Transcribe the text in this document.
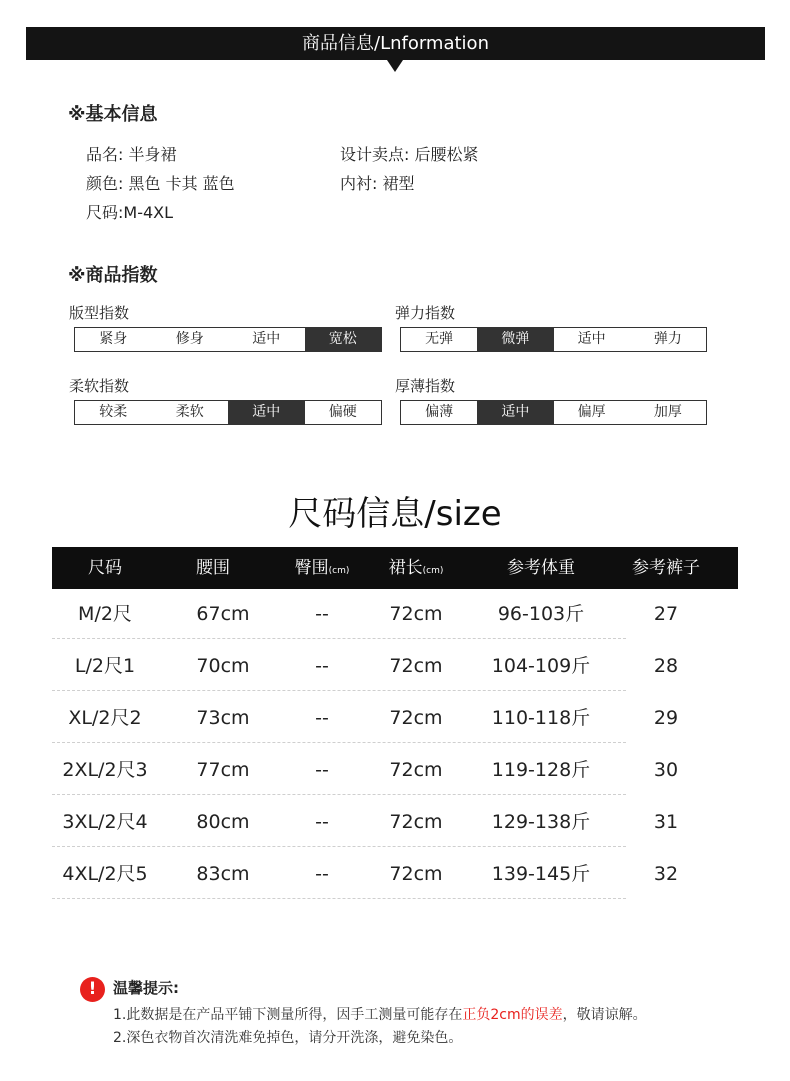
商品信息/Lnformation
※基本信息
品名: 半身裙	设计卖点: 后腰松紧
颜色: 黑色 卡其 蓝色	内衬: 裙型
尺码:M-4XL
※商品指数
版型指数
紧身	修身	适中	宽松
弹力指数
无弹	微弹	适中	弹力
柔软指数
较柔	柔软	适中	偏硬
厚薄指数
偏薄	适中	偏厚	加厚
尺码信息/size
尺码	腰围	臀围(cm)	裙长(cm)	参考体重	参考裤子
M/2尺	67cm	--	72cm	96-103斤	27
L/2尺1	70cm	--	72cm	104-109斤	28
XL/2尺2	73cm	--	72cm	110-118斤	29
2XL/2尺3	77cm	--	72cm	119-128斤	30
3XL/2尺4	80cm	--	72cm	129-138斤	31
4XL/2尺5	83cm	--	72cm	139-145斤	32
!	温馨提示:
1.此数据是在产品平铺下测量所得，因手工测量可能存在正负2cm的误差，敬请谅解。
2.深色衣物首次清洗难免掉色，请分开洗涤，避免染色。
